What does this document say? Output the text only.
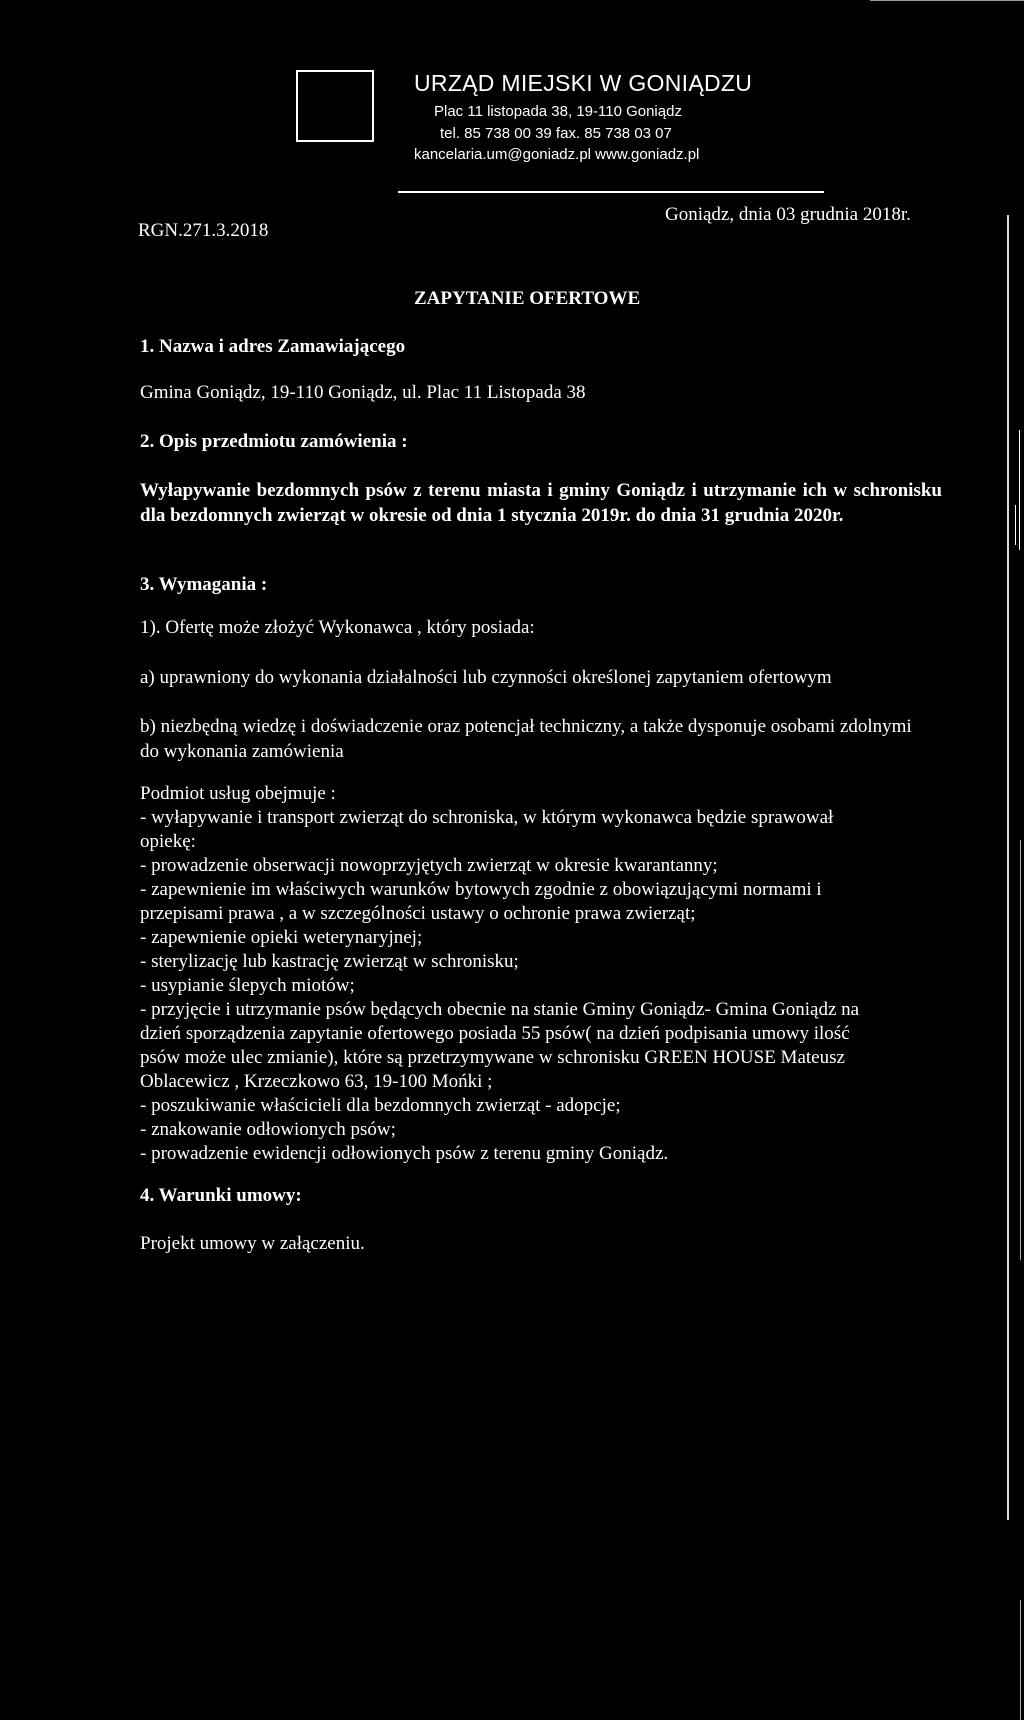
URZĄD MIEJSKI W GONIĄDZU
Plac 11 listopada 38, 19-110 Goniądz
tel. 85 738 00 39 fax. 85 738 03 07
kancelaria.um@goniadz.pl www.goniadz.pl
RGN.271.3.2018
Goniądz, dnia 03 grudnia 2018r.
ZAPYTANIE OFERTOWE
1. Nazwa i adres Zamawiającego
Gmina Goniądz, 19-110 Goniądz, ul. Plac 11 Listopada 38
2. Opis przedmiotu zamówienia :
Wyłapywanie bezdomnych psów z terenu miasta i gminy Goniądz i utrzymanie ich w schronisku dla bezdomnych zwierząt w okresie od dnia 1 stycznia 2019r. do dnia 31 grudnia 2020r.
3. Wymagania :
1). Ofertę może złożyć Wykonawca , który posiada:
a) uprawniony do wykonania działalności lub czynności określonej zapytaniem ofertowym
b) niezbędną wiedzę i doświadczenie oraz potencjał techniczny, a także dysponuje osobami zdolnymi do wykonania zamówienia
Podmiot usług obejmuje :
- wyłapywanie i transport zwierząt do schroniska, w którym wykonawca będzie sprawował
opiekę:
- prowadzenie obserwacji nowoprzyjętych zwierząt w okresie kwarantanny;
- zapewnienie im właściwych warunków bytowych zgodnie z obowiązującymi normami i
przepisami prawa , a w szczególności ustawy o ochronie prawa zwierząt;
- zapewnienie opieki weterynaryjnej;
- sterylizację lub kastrację zwierząt w schronisku;
- usypianie ślepych miotów;
- przyjęcie i utrzymanie psów będących obecnie na stanie Gminy Goniądz- Gmina Goniądz na
dzień sporządzenia zapytanie ofertowego posiada 55 psów( na dzień podpisania umowy ilość
psów może ulec zmianie), które są przetrzymywane w schronisku GREEN HOUSE Mateusz
Oblacewicz , Krzeczkowo 63, 19-100 Mońki ;
- poszukiwanie właścicieli dla bezdomnych zwierząt - adopcje;
- znakowanie odłowionych psów;
- prowadzenie ewidencji odłowionych psów z terenu gminy Goniądz.
4. Warunki umowy:
Projekt umowy w załączeniu.
